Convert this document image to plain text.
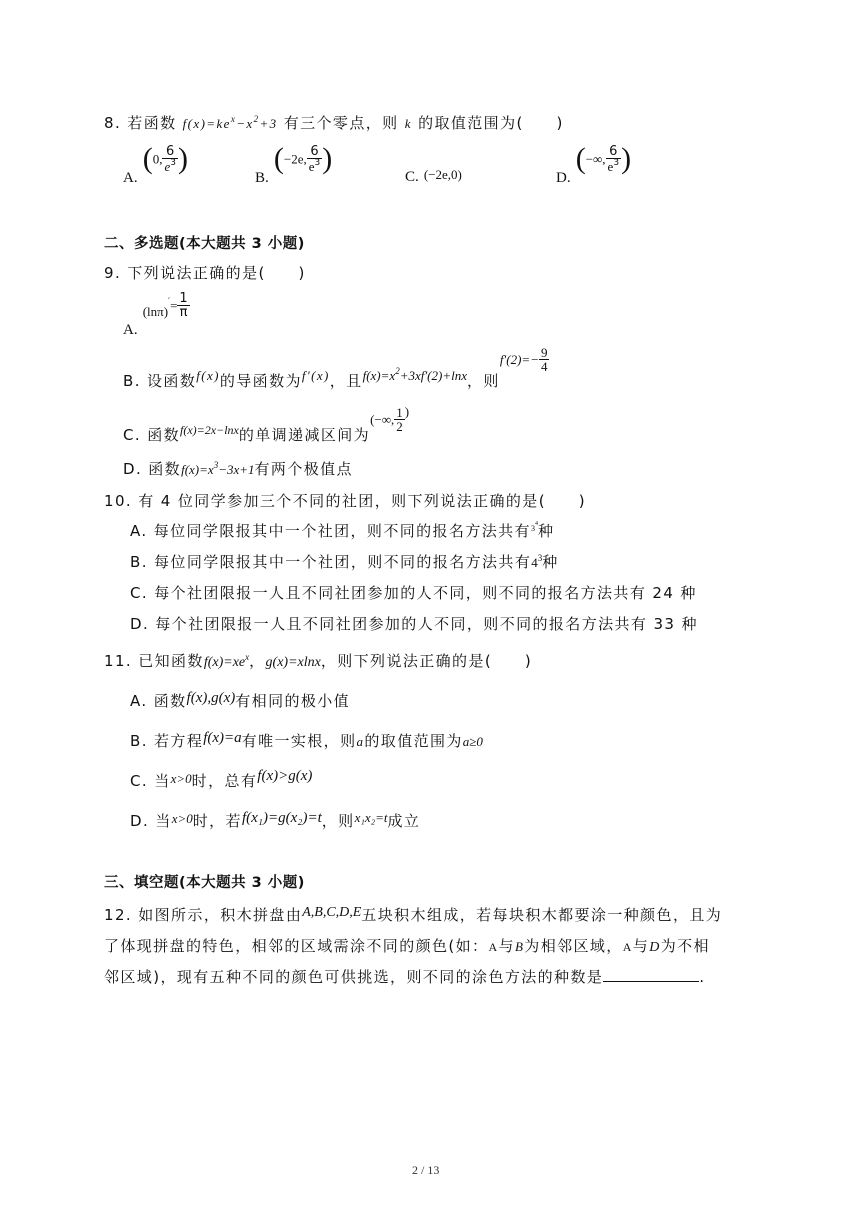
8. 若函数 $f(x)=ke^x-x^2+3$ 有三个零点，则 k 的取值范围为(　　)
A. (0, $\frac{6}{e^3}$ )
B. (−2e, $\frac{6}{e^3}$ )
C. (−2e,0)	D. (−∞, $\frac{6}{e^3}$ )
二、多选题(本大题共 3 小题)
9. 下列说法正确的是(　　)
A. $_{(ln\pi)}'= \frac{1}{\pi}$
B. 设函数f(x)的导函数为f′(x)，且$f(x)=x^2+3xf'(2)+\ln x$，则$f'(2)=- \frac{9}{4}$
C. 函数$_{f(x)=2x-lnx}$的单调递减区间为(−∞, $\frac{1}{2}$ )
D. 函数$f(x)=x^3-3x+1$有两个极值点
10. 有 4 位同学参加三个不同的社团，则下列说法正确的是(　　)
A. 每位同学限报其中一个社团，则不同的报名方法共有$^{3^4}$种
B. 每位同学限报其中一个社团，则不同的报名方法共有$4^3$种
C. 每个社团限报一人且不同社团参加的人不同，则不同的报名方法共有 24 种
D. 每个社团限报一人且不同社团参加的人不同，则不同的报名方法共有 33 种
11. 已知函数$f(x)=xe^x$，g(x)=xlnx，则下列说法正确的是(　　)
A. 函数f(x),g(x)有相同的极小值
B. 若方程f(x)=a有唯一实根，则a的取值范围为a≥0
C. 当x>0时，总有f(x)>g(x)
D. 当x>0时，若f(x₁)=g(x₂)=t，则x₁x₂=t成立
三、填空题(本大题共 3 小题)
12. 如图所示，积木拼盘由A,B,C,D,E五块积木组成，若每块积木都要涂一种颜色，且为
了体现拼盘的特色，相邻的区域需涂不同的颜色(如：A与B为相邻区域，A与D为不相
邻区域)，现有五种不同的颜色可供挑选，则不同的涂色方法的种数是	.
2 / 13
